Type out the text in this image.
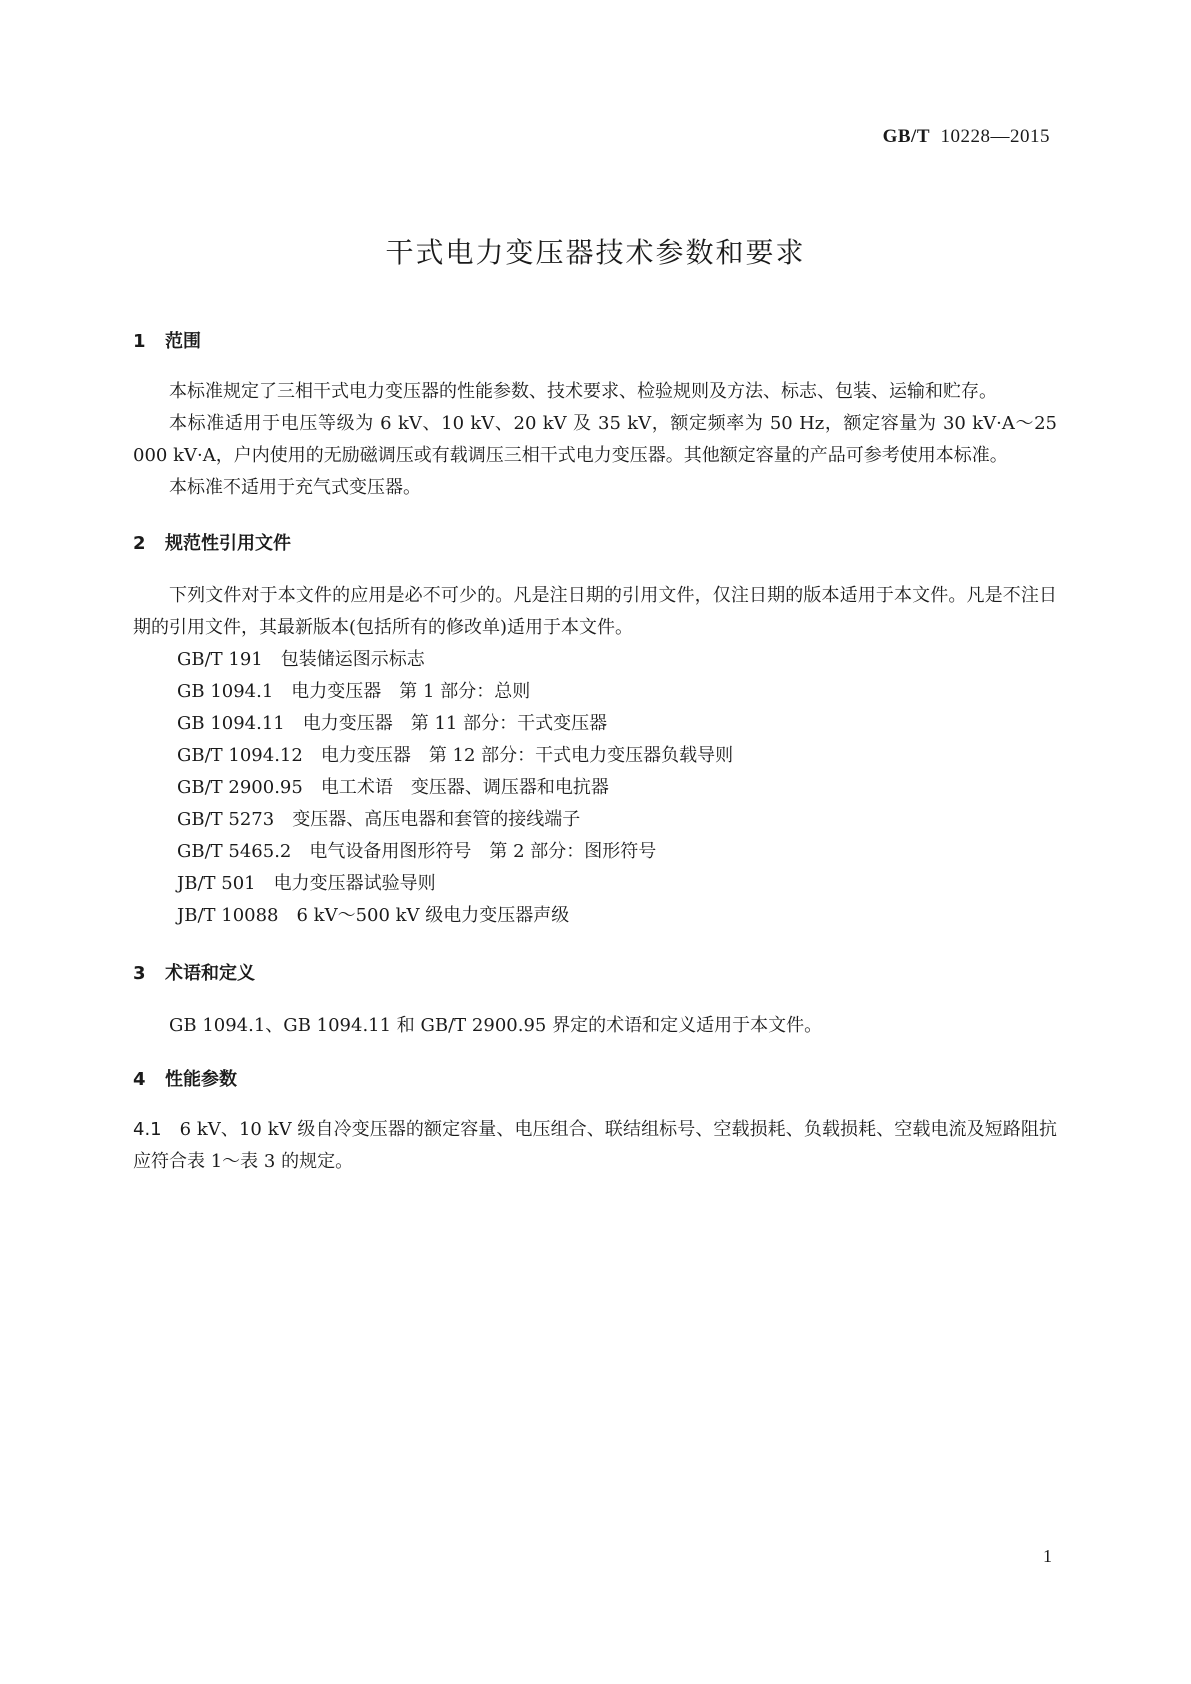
GB/T 10228—2015
干式电力变压器技术参数和要求
1 范围

本标准规定了三相干式电力变压器的性能参数、技术要求、检验规则及方法、标志、包装、运输和贮存。

本标准适用于电压等级为 6 kV、10 kV、20 kV 及 35 kV，额定频率为 50 Hz，额定容量为 30 kV·A～25 000 kV·A，户内使用的无励磁调压或有载调压三相干式电力变压器。其他额定容量的产品可参考使用本标准。

本标准不适用于充气式变压器。

2 规范性引用文件

下列文件对于本文件的应用是必不可少的。凡是注日期的引用文件，仅注日期的版本适用于本文件。凡是不注日期的引用文件，其最新版本(包括所有的修改单)适用于本文件。

GB/T 191　包装储运图示标志

GB 1094.1　电力变压器　第 1 部分：总则

GB 1094.11　电力变压器　第 11 部分：干式变压器

GB/T 1094.12　电力变压器　第 12 部分：干式电力变压器负载导则

GB/T 2900.95　电工术语　变压器、调压器和电抗器

GB/T 5273　变压器、高压电器和套管的接线端子

GB/T 5465.2　电气设备用图形符号　第 2 部分：图形符号

JB/T 501　电力变压器试验导则

JB/T 10088　6 kV～500 kV 级电力变压器声级

3 术语和定义

GB 1094.1、GB 1094.11 和 GB/T 2900.95 界定的术语和定义适用于本文件。

4 性能参数

4.1 6 kV、10 kV 级自冷变压器的额定容量、电压组合、联结组标号、空载损耗、负载损耗、空载电流及短路阻抗应符合表 1～表 3 的规定。

1
